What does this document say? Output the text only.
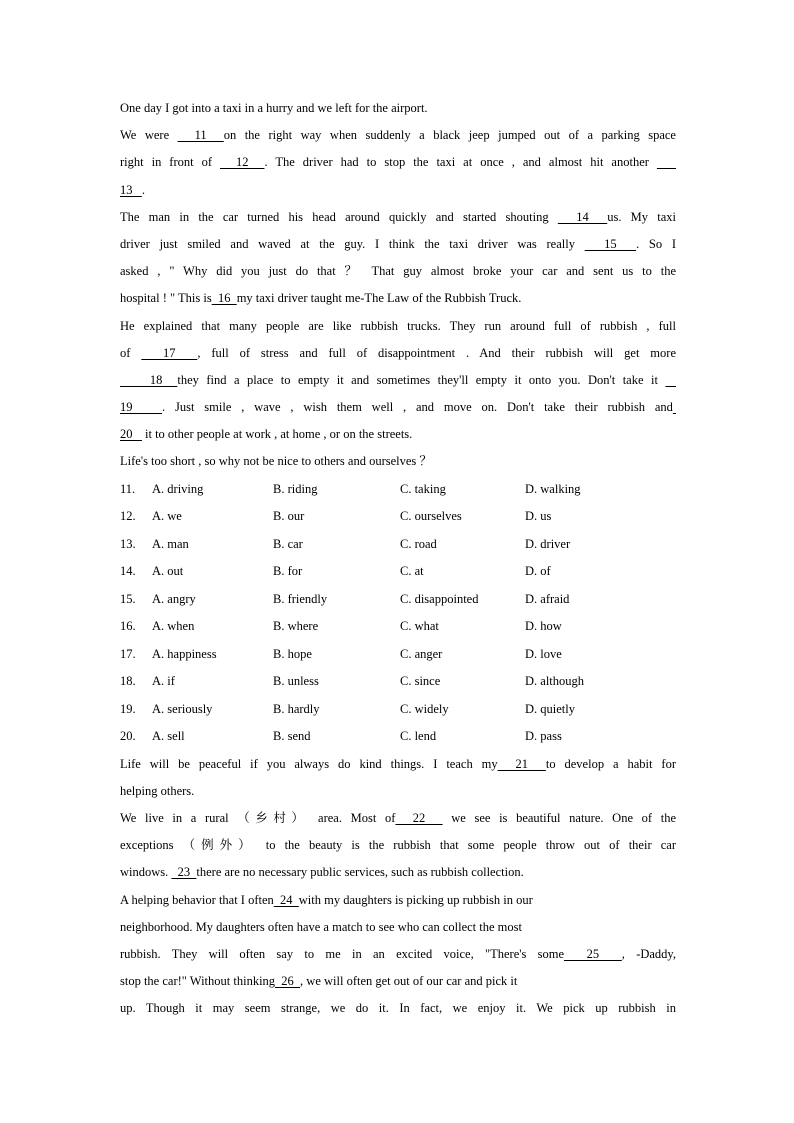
One day I got into a taxi in a hurry and we left for the airport.
We were   11  on the right way when suddenly a black jeep jumped out of a parking space
right in front of   12  . The driver had to stop the taxi at once , and almost hit another
13   .
The man in the car turned his head around quickly and started shouting   14  us. My taxi
driver just smiled and waved at the guy. I think the taxi driver was really   15  . So I
asked , " Why did you just do that ？ That guy almost broke your car and sent us to the
hospital ! " This is  16  my taxi driver taught me-The Law of the Rubbish Truck.
He explained that many people are like rubbish trucks. They run around full of rubbish , full
of   17  , full of stress and full of disappointment . And their rubbish will get more
18  they find a place to empty it and sometimes they'll empty it onto you. Don't take it
19   . Just smile , wave , wish them well , and move on. Don't take their rubbish and
20    it to other people at work , at home , or on the streets.
Life's too short , so why not be nice to others and ourselves ？
11. A. driving	B. riding	C. taking	D. walking
12. A. we	B. our	C. ourselves	D. us
13. A. man	B. car	C. road	D. driver
14. A. out	B. for	C. at	D. of
15. A. angry	B. friendly	C. disappointed	D. afraid
16. A. when	B. where	C. what	D. how
17. A. happiness	B. hope	C. anger	D. love
18. A. if	B. unless	C. since	D. although
19. A. seriously	B. hardly	C. widely	D. quietly
20. A. sell	B. send	C. lend	D. pass
Life will be peaceful if you always do kind things. I teach my  21  to develop a habit for
helping others.
We live in a rural （乡村） area. Most of  22   we see is beautiful nature. One of the
exceptions （例外） to the beauty is the rubbish that some people throw out of their car
windows.   23  there are no necessary public services, such as rubbish collection.
A helping behavior that I often  24  with my daughters is picking up rubbish in our
neighborhood. My daughters often have a match to see who can collect the most
rubbish. They will often say to me in an excited voice, "There's some  25  , -Daddy,
stop the car!" Without thinking  26  , we will often get out of our car and pick it
up. Though it may seem strange, we do it. In fact, we enjoy it. We pick up rubbish in
